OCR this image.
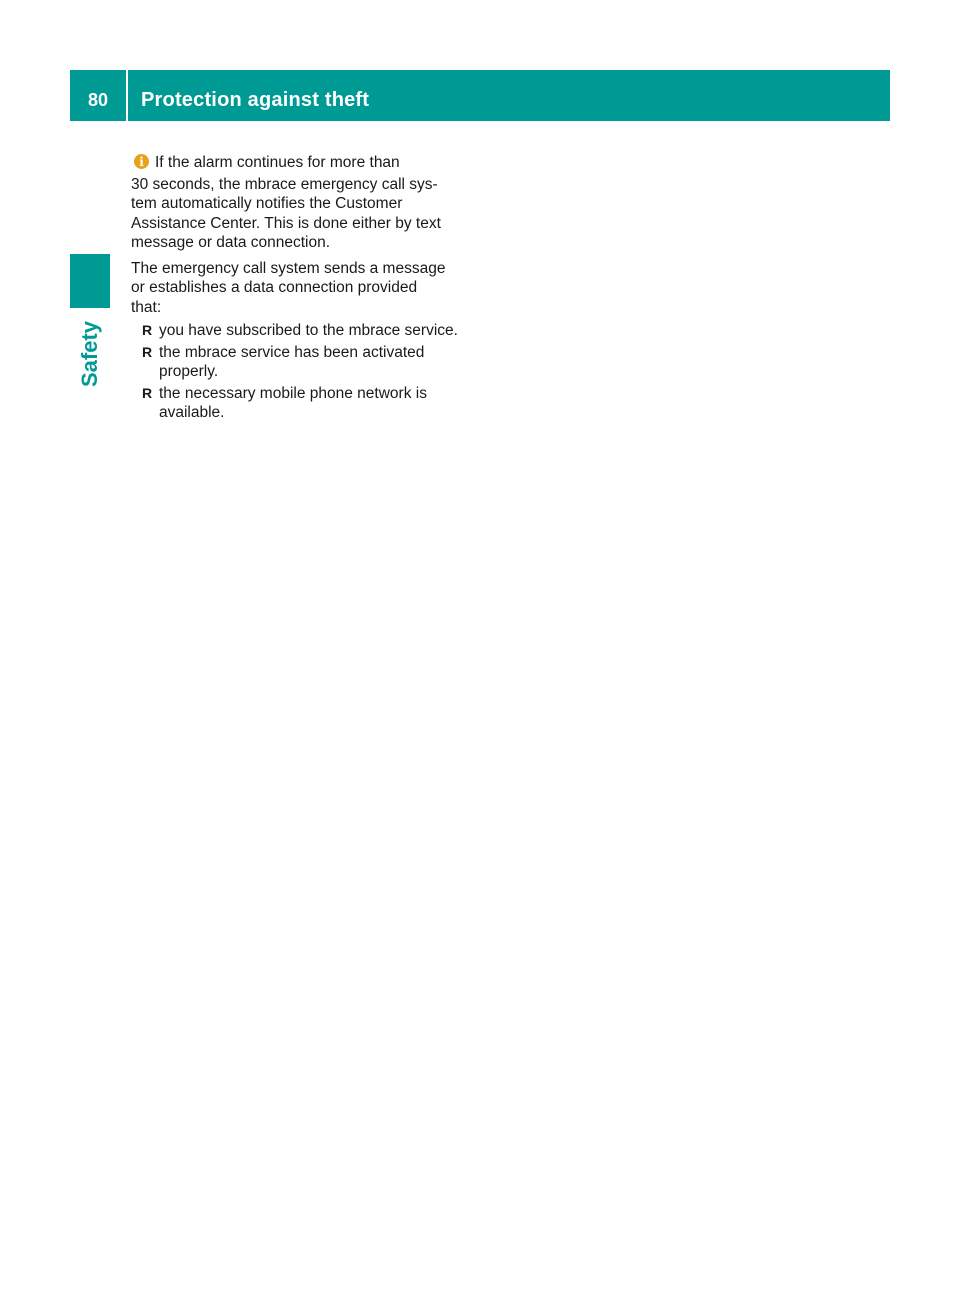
80	Protection against theft
Safety
i If the alarm continues for more than
30 seconds, the mbrace emergency call sys-
tem automatically notifies the Customer
Assistance Center. This is done either by text
message or data connection.
The emergency call system sends a message
or establishes a data connection provided
that:
R you have subscribed to the mbrace service.
R the mbrace service has been activated
properly.
R the necessary mobile phone network is
available.
